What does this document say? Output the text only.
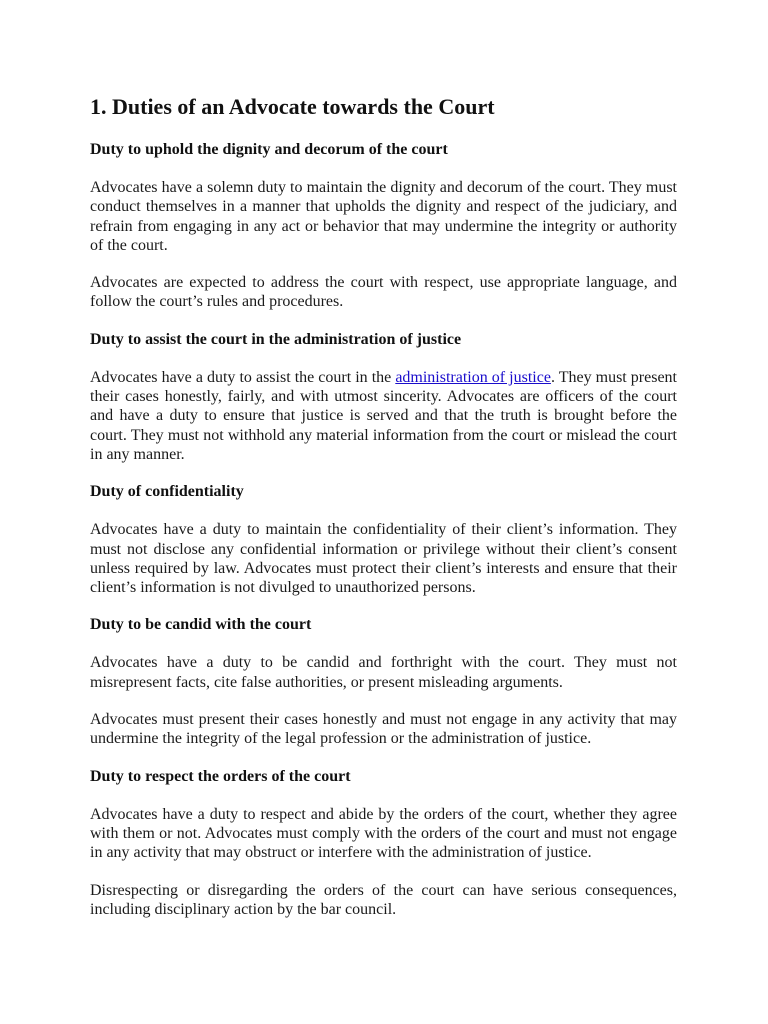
1. Duties of an Advocate towards the Court
Duty to uphold the dignity and decorum of the court

Advocates have a solemn duty to maintain the dignity and decorum of the court. They must conduct themselves in a manner that upholds the dignity and respect of the judiciary, and refrain from engaging in any act or behavior that may undermine the integrity or authority of the court.

Advocates are expected to address the court with respect, use appropriate language, and follow the court’s rules and procedures.

Duty to assist the court in the administration of justice

Advocates have a duty to assist the court in the administration of justice. They must present their cases honestly, fairly, and with utmost sincerity. Advocates are officers of the court and have a duty to ensure that justice is served and that the truth is brought before the court. They must not withhold any material information from the court or mislead the court in any manner.

Duty of confidentiality

Advocates have a duty to maintain the confidentiality of their client’s information. They must not disclose any confidential information or privilege without their client’s consent unless required by law. Advocates must protect their client’s interests and ensure that their client’s information is not divulged to unauthorized persons.

Duty to be candid with the court

Advocates have a duty to be candid and forthright with the court. They must not misrepresent facts, cite false authorities, or present misleading arguments.

Advocates must present their cases honestly and must not engage in any activity that may undermine the integrity of the legal profession or the administration of justice.

Duty to respect the orders of the court

Advocates have a duty to respect and abide by the orders of the court, whether they agree with them or not. Advocates must comply with the orders of the court and must not engage in any activity that may obstruct or interfere with the administration of justice.

Disrespecting or disregarding the orders of the court can have serious consequences, including disciplinary action by the bar council.
